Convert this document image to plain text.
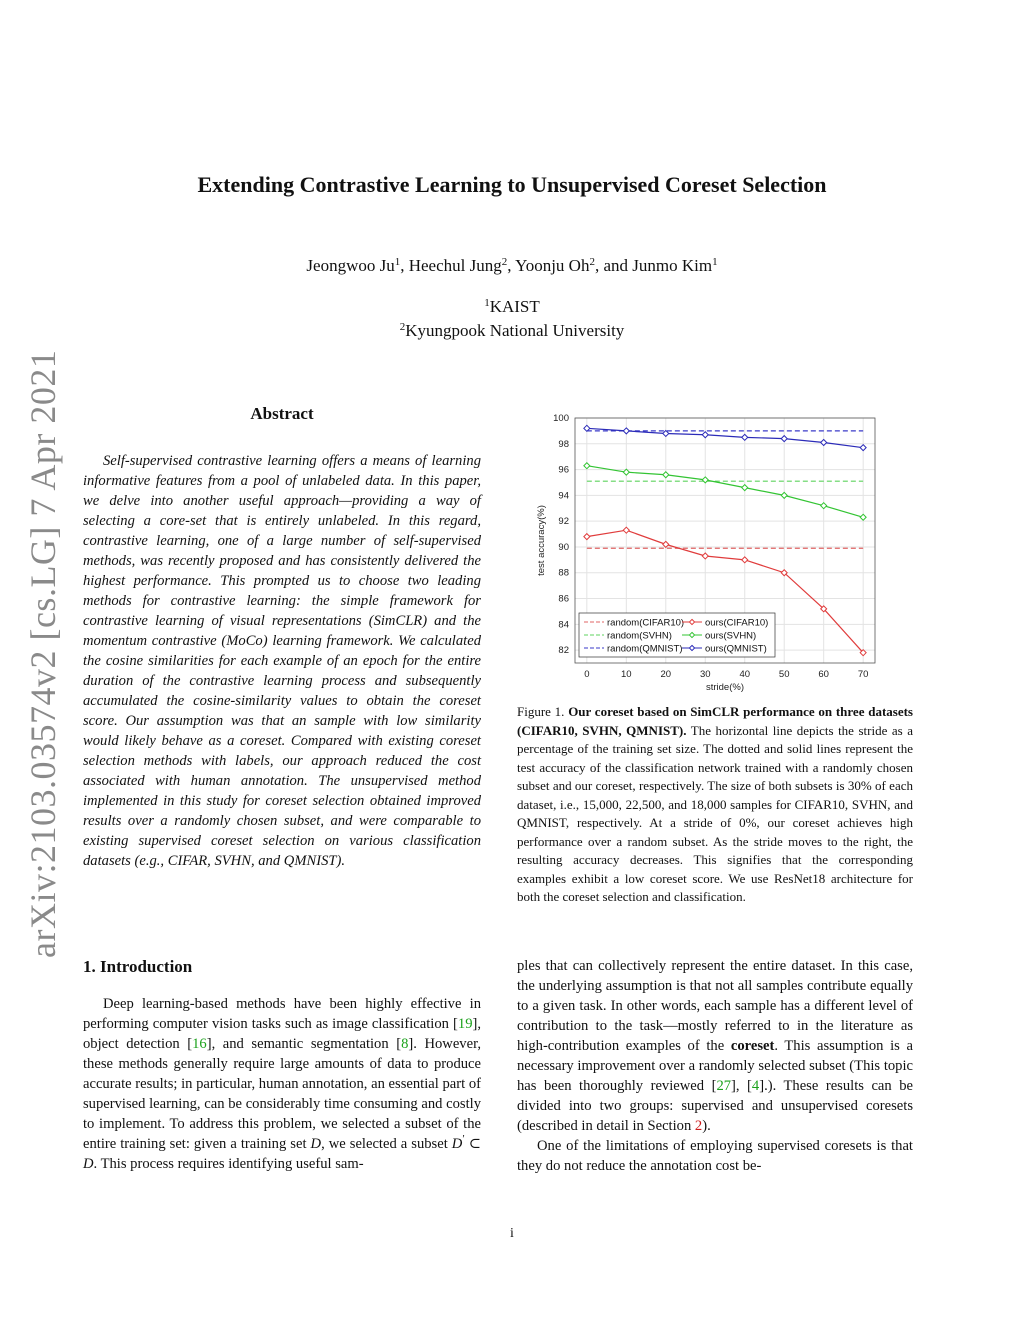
arXiv:2103.03574v2 [cs.LG] 7 Apr 2021
Extending Contrastive Learning to Unsupervised Coreset Selection
Jeongwoo Ju$^1$, Heechul Jung$^2$, Yoonju Oh$^2$, and Junmo Kim$^1$
$^1$KAIST
$^2$Kyungpook National University
Abstract
Self-supervised contrastive learning offers a means of learning informative features from a pool of unlabeled data. In this paper, we delve into another useful approach—providing a way of selecting a core-set that is entirely unlabeled. In this regard, contrastive learning, one of a large number of self-supervised methods, was recently proposed and has consistently delivered the highest performance. This prompted us to choose two leading methods for contrastive learning: the simple framework for contrastive learning of visual representations (SimCLR) and the momentum contrastive (MoCo) learning framework. We calculated the cosine similarities for each example of an epoch for the entire duration of the contrastive learning process and subsequently accumulated the cosine-similarity values to obtain the coreset score. Our assumption was that an sample with low similarity would likely behave as a coreset. Compared with existing coreset selection methods with labels, our approach reduced the cost associated with human annotation. The unsupervised method implemented in this study for coreset selection obtained improved results over a randomly chosen subset, and were comparable to existing supervised coreset selection on various classification datasets (e.g., CIFAR, SVHN, and QMNIST).
1. Introduction
Deep learning-based methods have been highly effective in performing computer vision tasks such as image classification [19], object detection [16], and semantic segmentation [8]. However, these methods generally require large amounts of data to produce accurate results; in particular, human annotation, an essential part of supervised learning, can be considerably time consuming and costly to implement. To address this problem, we selected a subset of the entire training set: given a training set D, we selected a subset D′ ⊂ D. This process requires identifying useful sam-
82
84
86
88
90
92
94
96
98
100
0	10	20	30	40	50	60	70
stride(%)
test accuracy(%)
random(CIFAR10) ours(CIFAR10)
random(SVHN)	ours(SVHN)
random(QMNIST) ours(QMNIST)
Figure 1. Our coreset based on SimCLR performance on three datasets (CIFAR10, SVHN, QMNIST). The horizontal line depicts the stride as a percentage of the training set size. The dotted and solid lines represent the test accuracy of the classification network trained with a randomly chosen subset and our coreset, respectively. The size of both subsets is 30% of each dataset, i.e., 15,000, 22,500, and 18,000 samples for CIFAR10, SVHN, and QMNIST, respectively. At a stride of 0%, our coreset achieves high performance over a random subset. As the stride moves to the right, the resulting accuracy decreases. This signifies that the corresponding examples exhibit a low coreset score. We use ResNet18 architecture for both the coreset selection and classification.

ples that can collectively represent the entire dataset. In this case, the underlying assumption is that not all samples contribute equally to a given task. In other words, each sample has a different level of contribution to the task—mostly referred to in the literature as high-contribution examples of the coreset. This assumption is a necessary improvement over a randomly selected subset (This topic has been thoroughly reviewed [27], [4].). These results can be divided into two groups: supervised and unsupervised coresets (described in detail in Section 2).

One of the limitations of employing supervised coresets is that they do not reduce the annotation cost be-

i
